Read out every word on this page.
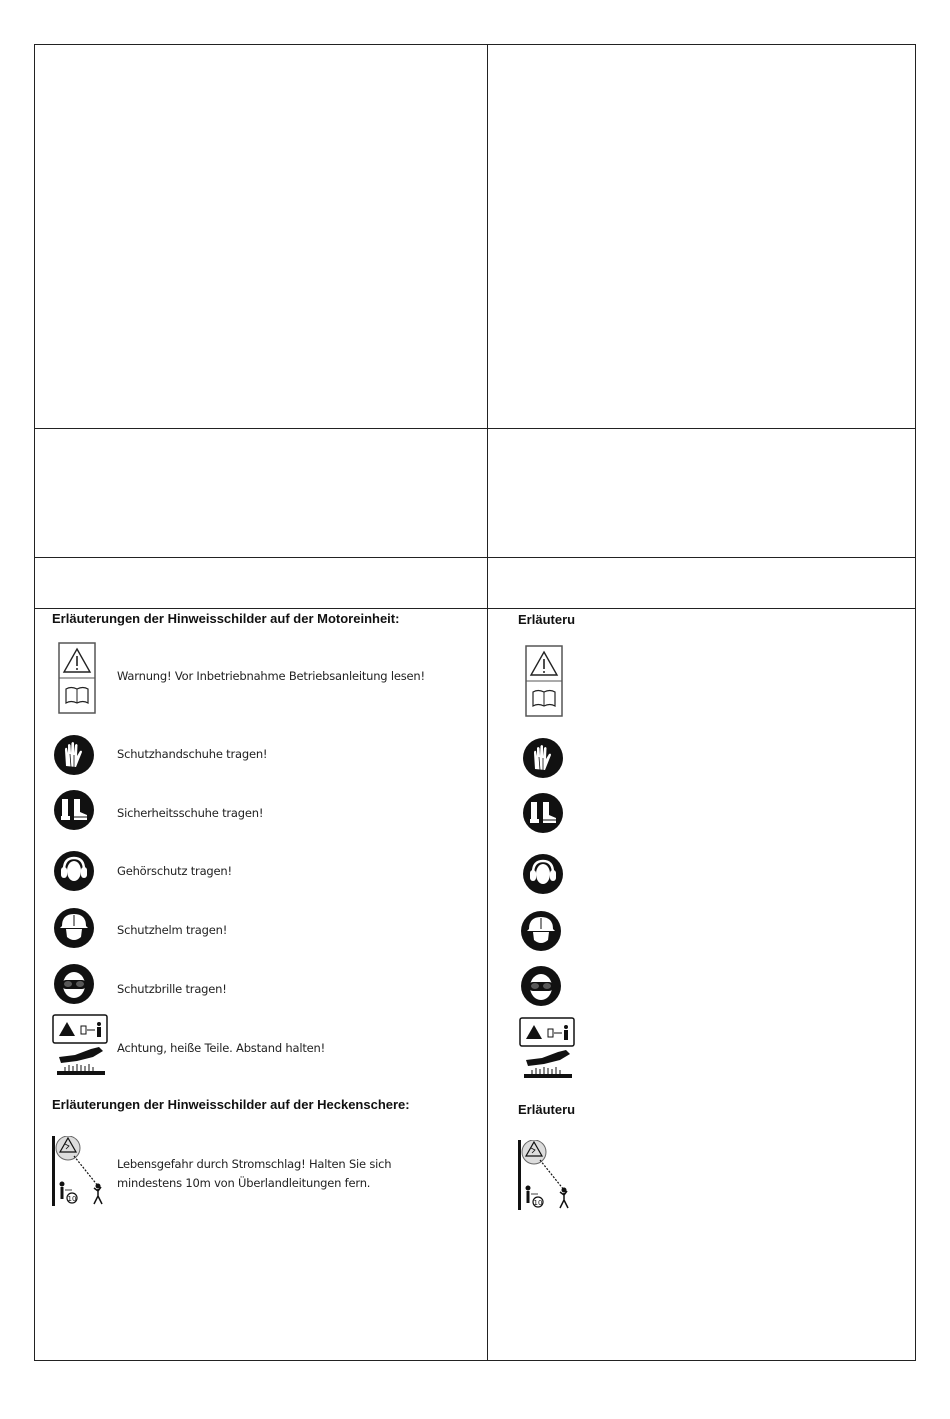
Erläuterungen der Hinweisschilder auf der Motoreinheit:
Warnung! Vor Inbetriebnahme Betriebsanleitung lesen!
Schutzhandschuhe tragen!
Sicherheitsschuhe tragen!
Gehörschutz tragen!
Schutzhelm tragen!
Schutzbrille tragen!
Achtung, heiße Teile. Abstand halten!
Erläuterungen der Hinweisschilder auf der Heckenschere:
Lebensgefahr durch Stromschlag! Halten Sie sich
mindestens 10m von Überlandleitungen fern.
Erläuteru
Erläuteru
